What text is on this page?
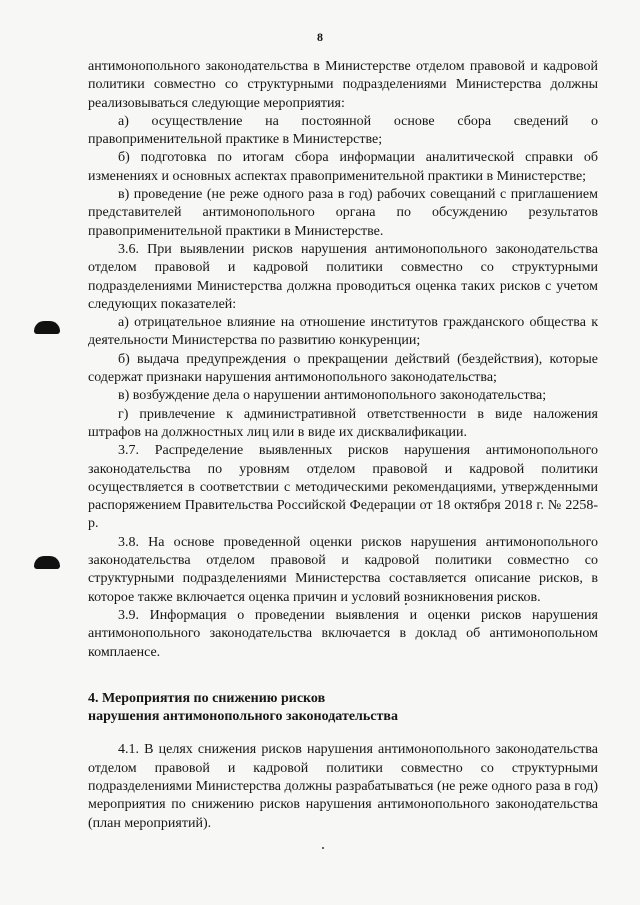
8

антимонопольного законодательства в Министерстве отделом правовой и кадровой политики совместно со структурными подразделениями Министерства должны реализовываться следующие мероприятия:

а) осуществление на постоянной основе сбора сведений о правоприменительной практике в Министерстве;

б) подготовка по итогам сбора информации аналитической справки об изменениях и основных аспектах правоприменительной практики в Министерстве;

в) проведение (не реже одного раза в год) рабочих совещаний с приглашением представителей антимонопольного органа по обсуждению результатов правоприменительной практики в Министерстве.

3.6. При выявлении рисков нарушения антимонопольного законодательства отделом правовой и кадровой политики совместно со структурными подразделениями Министерства должна проводиться оценка таких рисков с учетом следующих показателей:

а) отрицательное влияние на отношение институтов гражданского общества к деятельности Министерства по развитию конкуренции;

б) выдача предупреждения о прекращении действий (бездействия), которые содержат признаки нарушения антимонопольного законодательства;

в) возбуждение дела о нарушении антимонопольного законодательства;

г) привлечение к административной ответственности в виде наложения штрафов на должностных лиц или в виде их дисквалификации.

3.7. Распределение выявленных рисков нарушения антимонопольного законодательства по уровням отделом правовой и кадровой политики осуществляется в соответствии с методическими рекомендациями, утвержденными распоряжением Правительства Российской Федерации от 18 октября 2018 г. № 2258-р.

3.8. На основе проведенной оценки рисков нарушения антимонопольного законодательства отделом правовой и кадровой политики совместно со структурными подразделениями Министерства составляется описание рисков, в которое также включается оценка причин и условий возникновения рисков.

3.9. Информация о проведении выявления и оценки рисков нарушения антимонопольного законодательства включается в доклад об антимонопольном комплаенсе.

4. Мероприятия по снижению рисков

нарушения антимонопольного законодательства

4.1. В целях снижения рисков нарушения антимонопольного законодательства отделом правовой и кадровой политики совместно со структурными подразделениями Министерства должны разрабатываться (не реже одного раза в год) мероприятия по снижению рисков нарушения антимонопольного законодательства (план мероприятий).
